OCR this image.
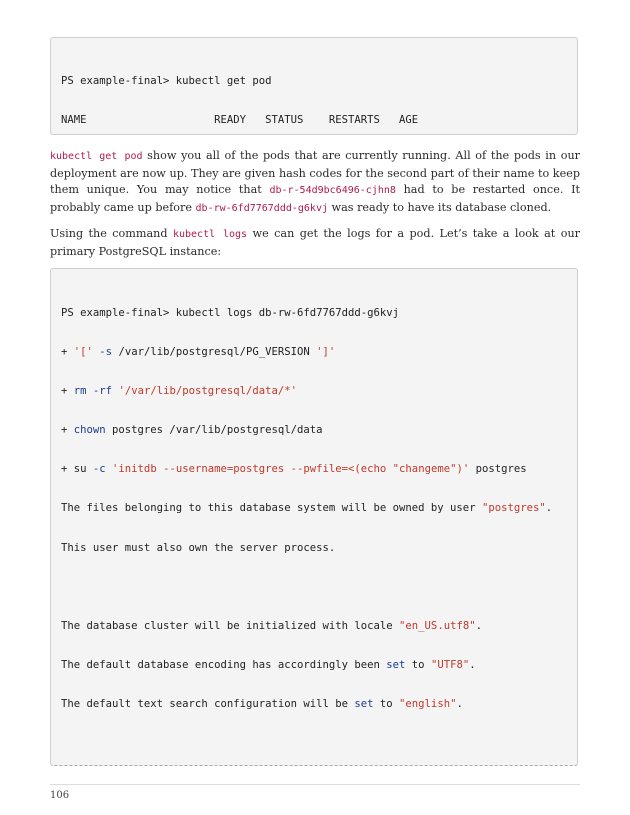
PS example-final> kubectl get pod

NAME                    READY   STATUS    RESTARTS   AGE

kubectl get pod show you all of the pods that are currently running. All of the pods in our deployment are now up. They are given hash codes for the second part of their name to keep them unique. You may notice that db-r-54d9bc6496-cjhn8 had to be restarted once. It probably came up before db-rw-6fd7767ddd-g6kvj was ready to have its database cloned.
Using the command kubectl logs we can get the logs for a pod. Let’s take a look at our primary PostgreSQL instance:

PS example-final> kubectl logs db-rw-6fd7767ddd-g6kvj

+ '[' -s /var/lib/postgresql/PG_VERSION ']'

+ rm -rf '/var/lib/postgresql/data/*'

+ chown postgres /var/lib/postgresql/data

+ su -c 'initdb --username=postgres --pwfile=<(echo "changeme")' postgres

The files belonging to this database system will be owned by user "postgres".

This user must also own the server process.

The database cluster will be initialized with locale "en_US.utf8".

The default database encoding has accordingly been set to "UTF8".

The default text search configuration will be set to "english".

106
